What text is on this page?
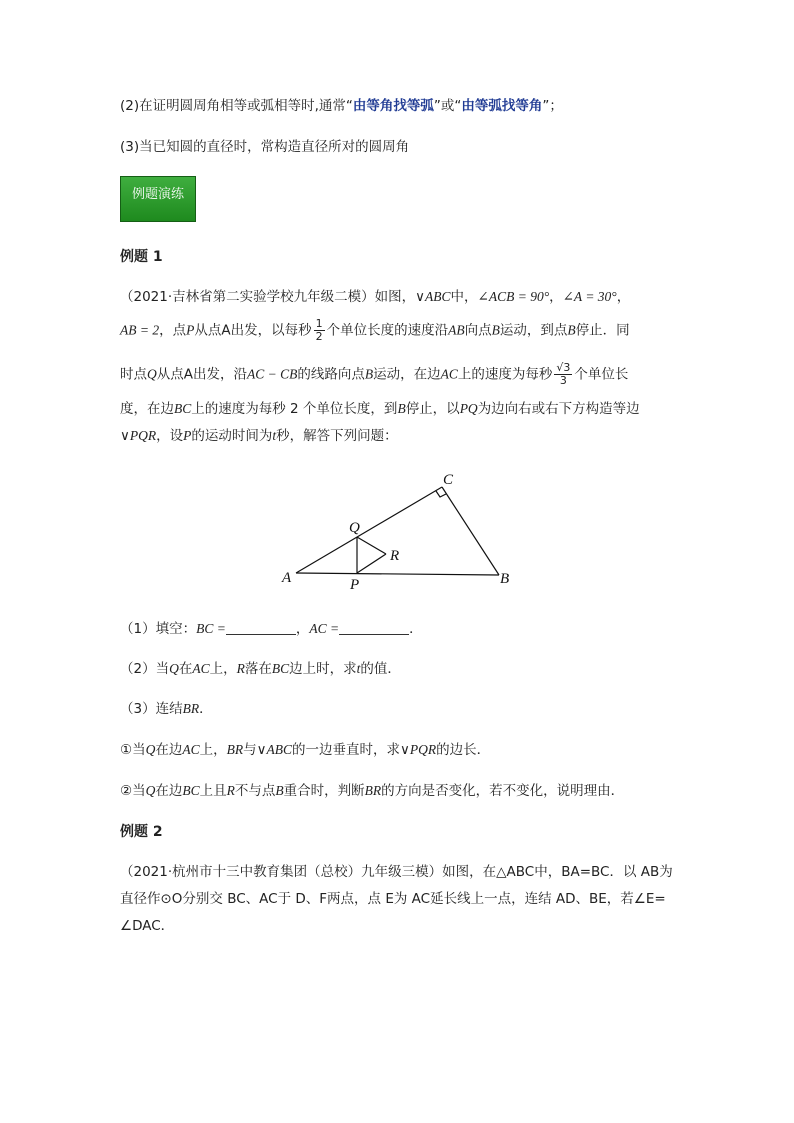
(2)在证明圆周角相等或弧相等时,通常“由等角找等弧”或“由等弧找等角”；
(3)当已知圆的直径时，常构造直径所对的圆周角
例题演练
例题 1
（2021·吉林省第二实验学校九年级二模）如图，∨ABC中，∠ACB = 90°，∠A = 30°，
AB = 2，点P从点A出发，以每秒 $\frac{1}{2}$ 个单位长度的速度沿AB向点B运动，到点B停止．同
时点Q从点A出发，沿AC − CB的线路向点B运动，在边AC上的速度为每秒 $\frac{√3}{3}$ 个单位长
度，在边BC上的速度为每秒 2 个单位长度，到B停止，以PQ为边向右或右下方构造等边
∨PQR，设P的运动时间为t秒，解答下列问题：
A	B
C
Q
R
P
（1）填空：BC =	，AC =	．
（2）当Q在AC上，R落在BC边上时，求t的值．
（3）连结BR．
①当Q在边AC上，BR与∨ABC的一边垂直时，求∨PQR的边长．
②当Q在边BC上且R不与点B重合时，判断BR的方向是否变化，若不变化，说明理由．
例题 2
（2021·杭州市十三中教育集团（总校）九年级三模）如图，在△ABC中，BA=BC．以 AB为
直径作⊙O分别交 BC、AC于 D、F两点，点 E为 AC延长线上一点，连结 AD、BE，若∠E=
∠DAC．
